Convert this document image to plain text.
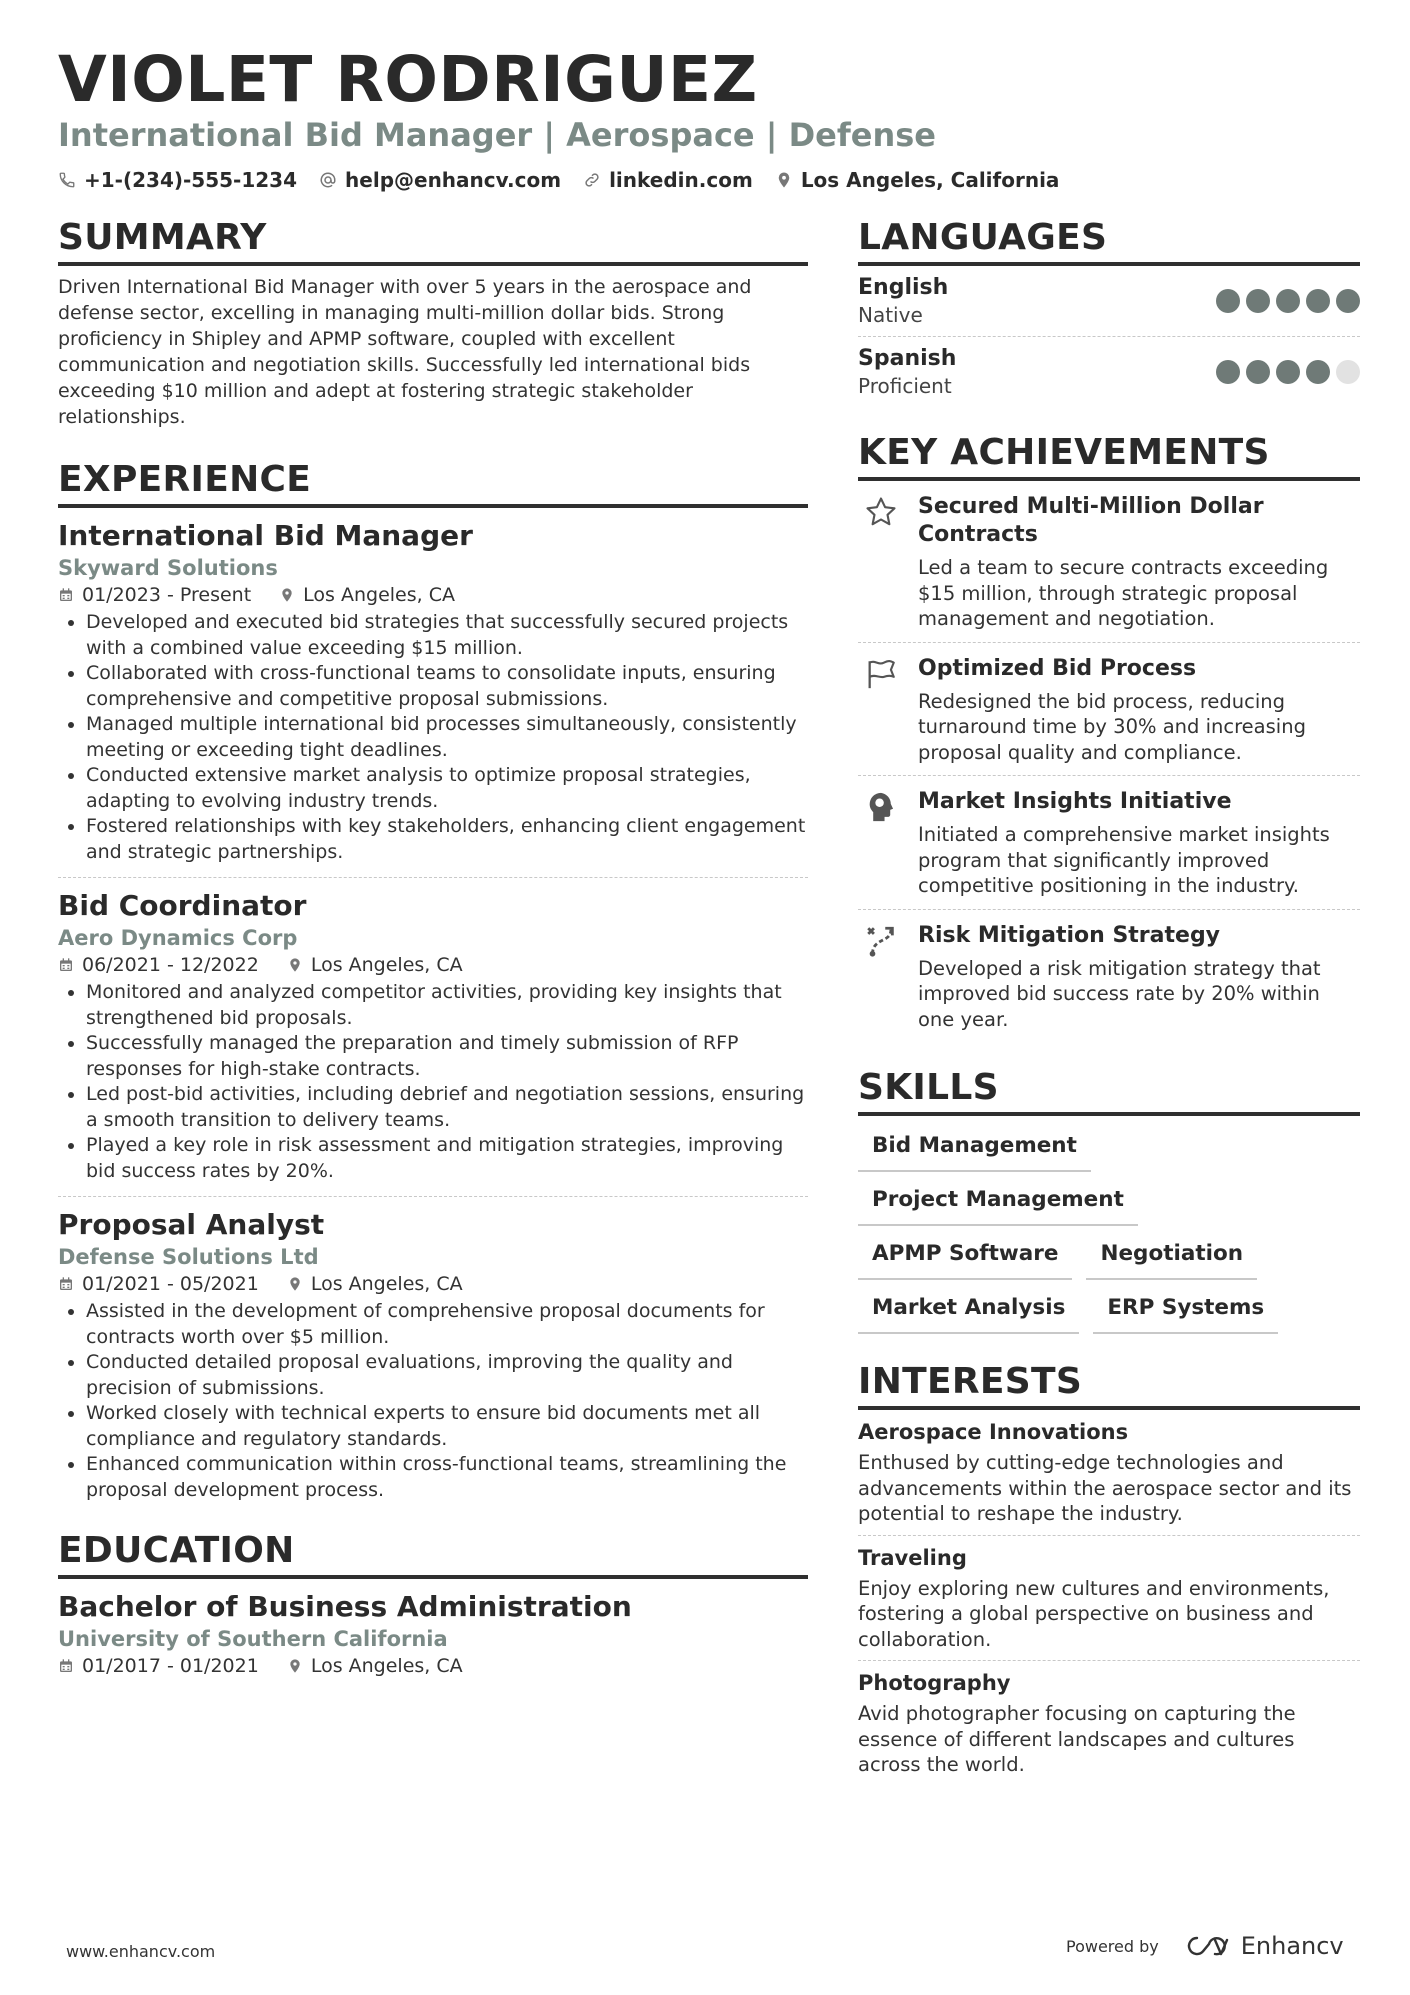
VIOLET RODRIGUEZ
International Bid Manager | Aerospace | Defense
+1-(234)-555-1234 help@enhancv.com linkedin.com Los Angeles, California
SUMMARY

Driven International Bid Manager with over 5 years in the aerospace and defense sector, excelling in managing multi-million dollar bids. Strong proficiency in Shipley and APMP software, coupled with excellent communication and negotiation skills. Successfully led international bids exceeding $10 million and adept at fostering strategic stakeholder relationships.

EXPERIENCE
International Bid Manager
Skyward Solutions
01/2023 - Present	Los Angeles, CA
• Developed and executed bid strategies that successfully secured projects with a combined value exceeding $15 million.
• Collaborated with cross-functional teams to consolidate inputs, ensuring comprehensive and competitive proposal submissions.
• Managed multiple international bid processes simultaneously, consistently meeting or exceeding tight deadlines.
• Conducted extensive market analysis to optimize proposal strategies, adapting to evolving industry trends.
• Fostered relationships with key stakeholders, enhancing client engagement and strategic partnerships.
Bid Coordinator
Aero Dynamics Corp
06/2021 - 12/2022	Los Angeles, CA
• Monitored and analyzed competitor activities, providing key insights that strengthened bid proposals.
• Successfully managed the preparation and timely submission of RFP responses for high-stake contracts.
• Led post-bid activities, including debrief and negotiation sessions, ensuring a smooth transition to delivery teams.
• Played a key role in risk assessment and mitigation strategies, improving bid success rates by 20%.
Proposal Analyst
Defense Solutions Ltd
01/2021 - 05/2021	Los Angeles, CA
• Assisted in the development of comprehensive proposal documents for contracts worth over $5 million.
• Conducted detailed proposal evaluations, improving the quality and precision of submissions.
• Worked closely with technical experts to ensure bid documents met all compliance and regulatory standards.
• Enhanced communication within cross-functional teams, streamlining the proposal development process.
EDUCATION
Bachelor of Business Administration
University of Southern California
01/2017 - 01/2021	Los Angeles, CA
LANGUAGES
English
Native
Spanish
Proficient
KEY ACHIEVEMENTS

Secured Multi-Million Dollar Contracts

Led a team to secure contracts exceeding $15 million, through strategic proposal management and negotiation.

Optimized Bid Process

Redesigned the bid process, reducing turnaround time by 30% and increasing proposal quality and compliance.

Market Insights Initiative

Initiated a comprehensive market insights program that significantly improved competitive positioning in the industry.

Risk Mitigation Strategy

Developed a risk mitigation strategy that improved bid success rate by 20% within one year.

SKILLS
Bid Management
Project Management
APMP Software	Negotiation
Market Analysis	ERP Systems
INTERESTS

Aerospace Innovations

Enthused by cutting-edge technologies and advancements within the aerospace sector and its potential to reshape the industry.

Traveling

Enjoy exploring new cultures and environments, fostering a global perspective on business and collaboration.

Photography

Avid photographer focusing on capturing the essence of different landscapes and cultures across the world.

www.enhancv.com	Powered by	Enhancv
